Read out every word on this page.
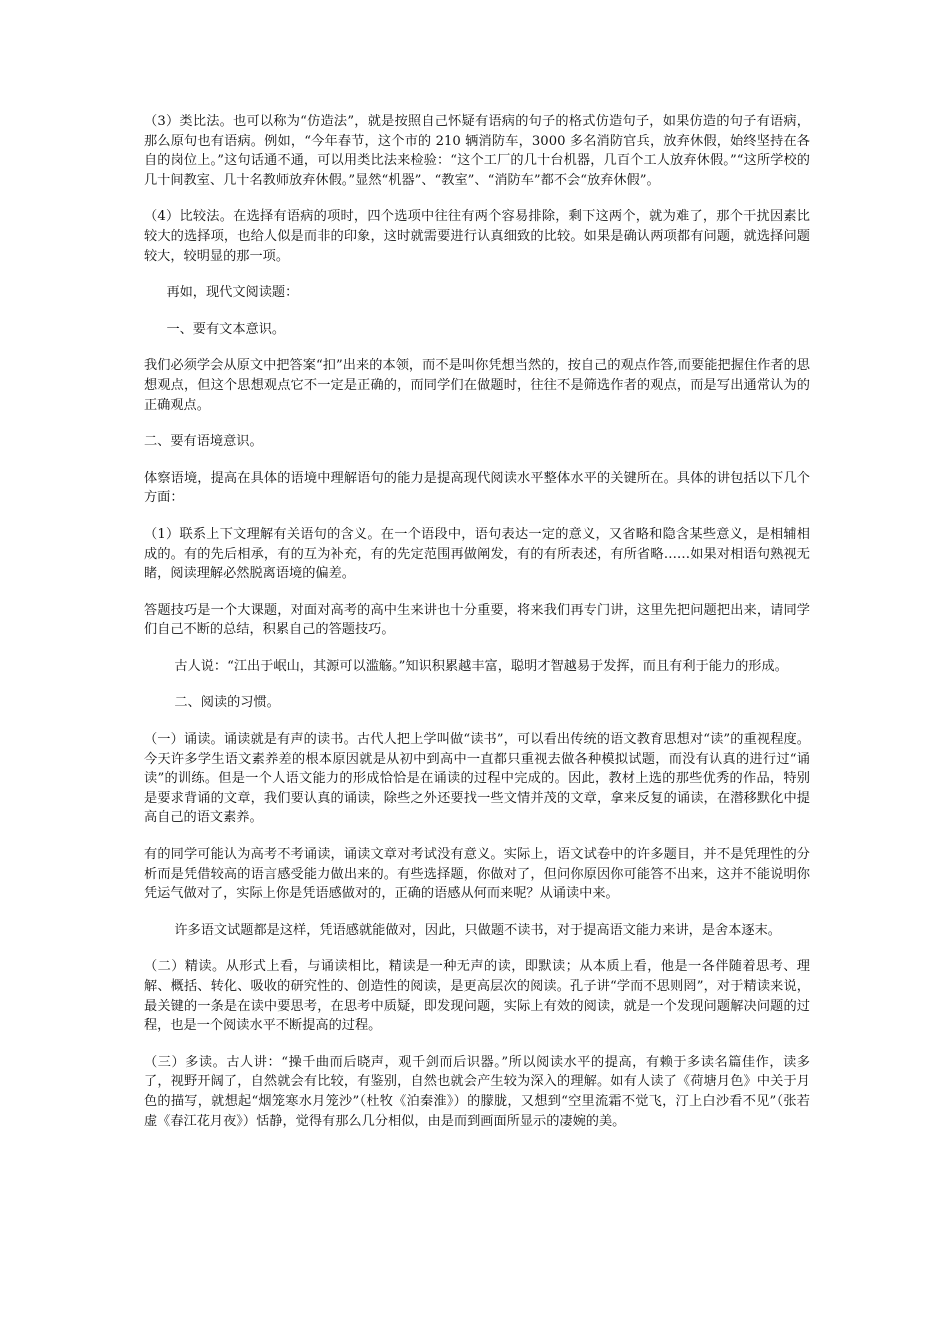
（3）类比法。也可以称为“仿造法”，就是按照自己怀疑有语病的句子的格式仿造句子，如果仿造的句子有语病，那么原句也有语病。例如，“今年春节，这个市的 210 辆消防车，3000 多名消防官兵，放弃休假，始终坚持在各自的岗位上。”这句话通不通，可以用类比法来检验：“这个工厂的几十台机器，几百个工人放弃休假。”“这所学校的几十间教室、几十名教师放弃休假。”显然“机器”、“教室”、“消防车”都不会“放弃休假”。

（4）比较法。在选择有语病的项时，四个选项中往往有两个容易排除，剩下这两个，就为难了，那个干扰因素比较大的选择项，也给人似是而非的印象，这时就需要进行认真细致的比较。如果是确认两项都有问题，就选择问题较大，较明显的那一项。

再如，现代文阅读题：

一、要有文本意识。

我们必须学会从原文中把答案“扣”出来的本领，而不是叫你凭想当然的，按自己的观点作答,而要能把握住作者的思想观点，但这个思想观点它不一定是正确的，而同学们在做题时，往往不是筛选作者的观点，而是写出通常认为的正确观点。

二、要有语境意识。

体察语境，提高在具体的语境中理解语句的能力是提高现代阅读水平整体水平的关键所在。具体的讲包括以下几个方面：

（1）联系上下文理解有关语句的含义。在一个语段中，语句表达一定的意义，又省略和隐含某些意义，是相辅相成的。有的先后相承，有的互为补充，有的先定范围再做阐发，有的有所表述，有所省略……如果对相语句熟视无睹，阅读理解必然脱离语境的偏差。

答题技巧是一个大课题，对面对高考的高中生来讲也十分重要，将来我们再专门讲，这里先把问题把出来，请同学们自己不断的总结，积累自己的答题技巧。

古人说：“江出于岷山，其源可以滥觞。”知识积累越丰富，聪明才智越易于发挥，而且有利于能力的形成。

二、阅读的习惯。

（一）诵读。诵读就是有声的读书。古代人把上学叫做“读书”，可以看出传统的语文教育思想对“读”的重视程度。今天许多学生语文素养差的根本原因就是从初中到高中一直都只重视去做各种模拟试题，而没有认真的进行过“诵读”的训练。但是一个人语文能力的形成恰恰是在诵读的过程中完成的。因此，教材上选的那些优秀的作品，特别是要求背诵的文章，我们要认真的诵读，除些之外还要找一些文情并茂的文章，拿来反复的诵读，在潜移默化中提高自己的语文素养。

有的同学可能认为高考不考诵读，诵读文章对考试没有意义。实际上，语文试卷中的许多题目，并不是凭理性的分析而是凭借较高的语言感受能力做出来的。有些选择题，你做对了，但问你原因你可能答不出来，这并不能说明你凭运气做对了，实际上你是凭语感做对的，正确的语感从何而来呢？从诵读中来。

许多语文试题都是这样，凭语感就能做对，因此，只做题不读书，对于提高语文能力来讲，是舍本逐末。

（二）精读。从形式上看，与诵读相比，精读是一种无声的读，即默读；从本质上看，他是一各伴随着思考、理解、概括、转化、吸收的研究性的、创造性的阅读，是更高层次的阅读。孔子讲“学而不思则罔”，对于精读来说，最关键的一条是在读中要思考，在思考中质疑，即发现问题，实际上有效的阅读，就是一个发现问题解决问题的过程，也是一个阅读水平不断提高的过程。

（三）多读。古人讲：“操千曲而后晓声，观千剑而后识器。”所以阅读水平的提高，有赖于多读名篇佳作，读多了，视野开阔了，自然就会有比较，有鉴别，自然也就会产生较为深入的理解。如有人读了《荷塘月色》中关于月色的描写，就想起“烟笼寒水月笼沙”（杜牧《泊秦淮》）的朦胧，又想到“空里流霜不觉飞，汀上白沙看不见”（张若虚《春江花月夜》）恬静，觉得有那么几分相似，由是而到画面所显示的凄婉的美。
